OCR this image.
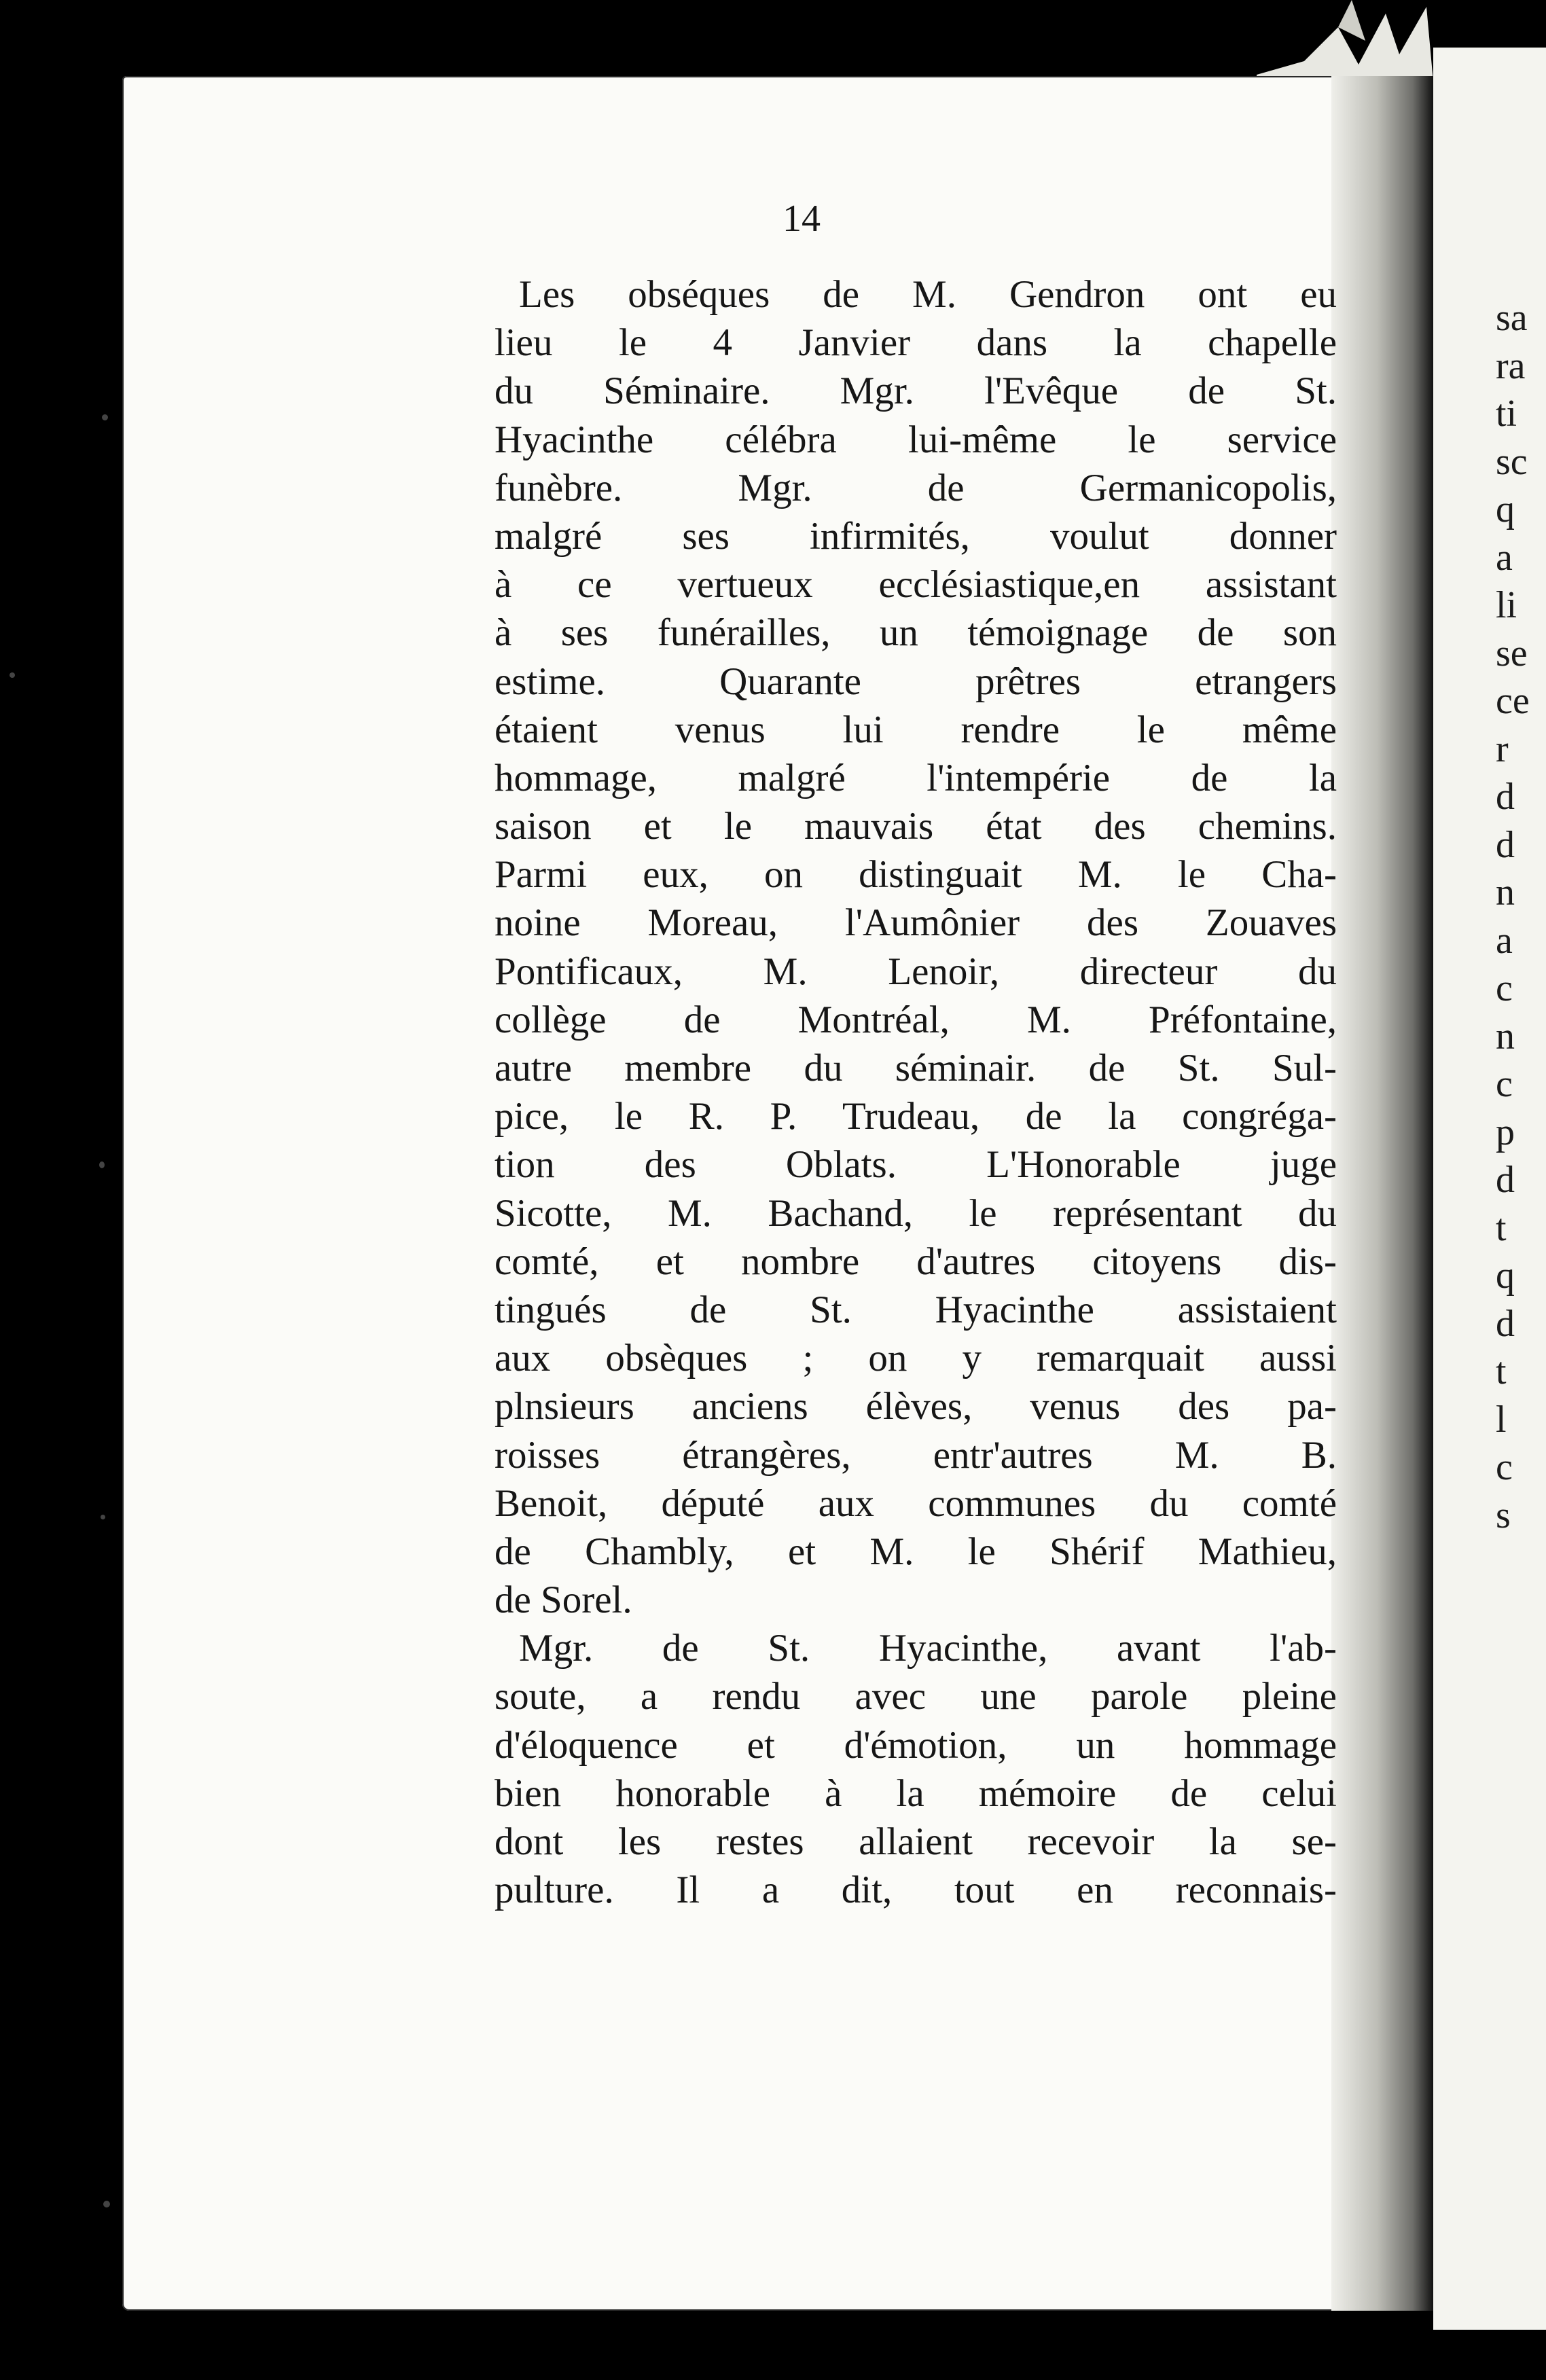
sa
ra
ti
sc
q
a
li
se
ce
r
d
d
n
a
c
n
c
p
d
t
q
d
t
l
c
s
14
Les obséques de M. Gendron ont eu
lieu le 4 Janvier dans la chapelle
du Séminaire. Mgr. l'Evêque de St.
Hyacinthe célébra lui-même le service
funèbre. Mgr. de Germanicopolis,
malgré ses infirmités, voulut donner
à ce vertueux ecclésiastique,en assistant
à ses funérailles, un témoignage de son
estime. Quarante prêtres etrangers
étaient venus lui rendre le même
hommage, malgré l'intempérie de la
saison et le mauvais état des chemins.
Parmi eux, on distinguait M. le Cha-
noine Moreau, l'Aumônier des Zouaves
Pontificaux, M. Lenoir, directeur du
collège de Montréal, M. Préfontaine,
autre membre du séminair. de St. Sul-
pice, le R. P. Trudeau, de la congréga-
tion des Oblats. L'Honorable juge
Sicotte, M. Bachand, le représentant du
comté, et nombre d'autres citoyens dis-
tingués de St. Hyacinthe assistaient
aux obsèques ; on y remarquait aussi
plnsieurs anciens élèves, venus des pa-
roisses étrangères, entr'autres M. B.
Benoit, député aux communes du comté
de Chambly, et M. le Shérif Mathieu,
de Sorel.
Mgr. de St. Hyacinthe, avant l'ab-
soute, a rendu avec une parole pleine
d'éloquence et d'émotion, un hommage
bien honorable à la mémoire de celui
dont les restes allaient recevoir la se-
pulture. Il a dit, tout en reconnais-
